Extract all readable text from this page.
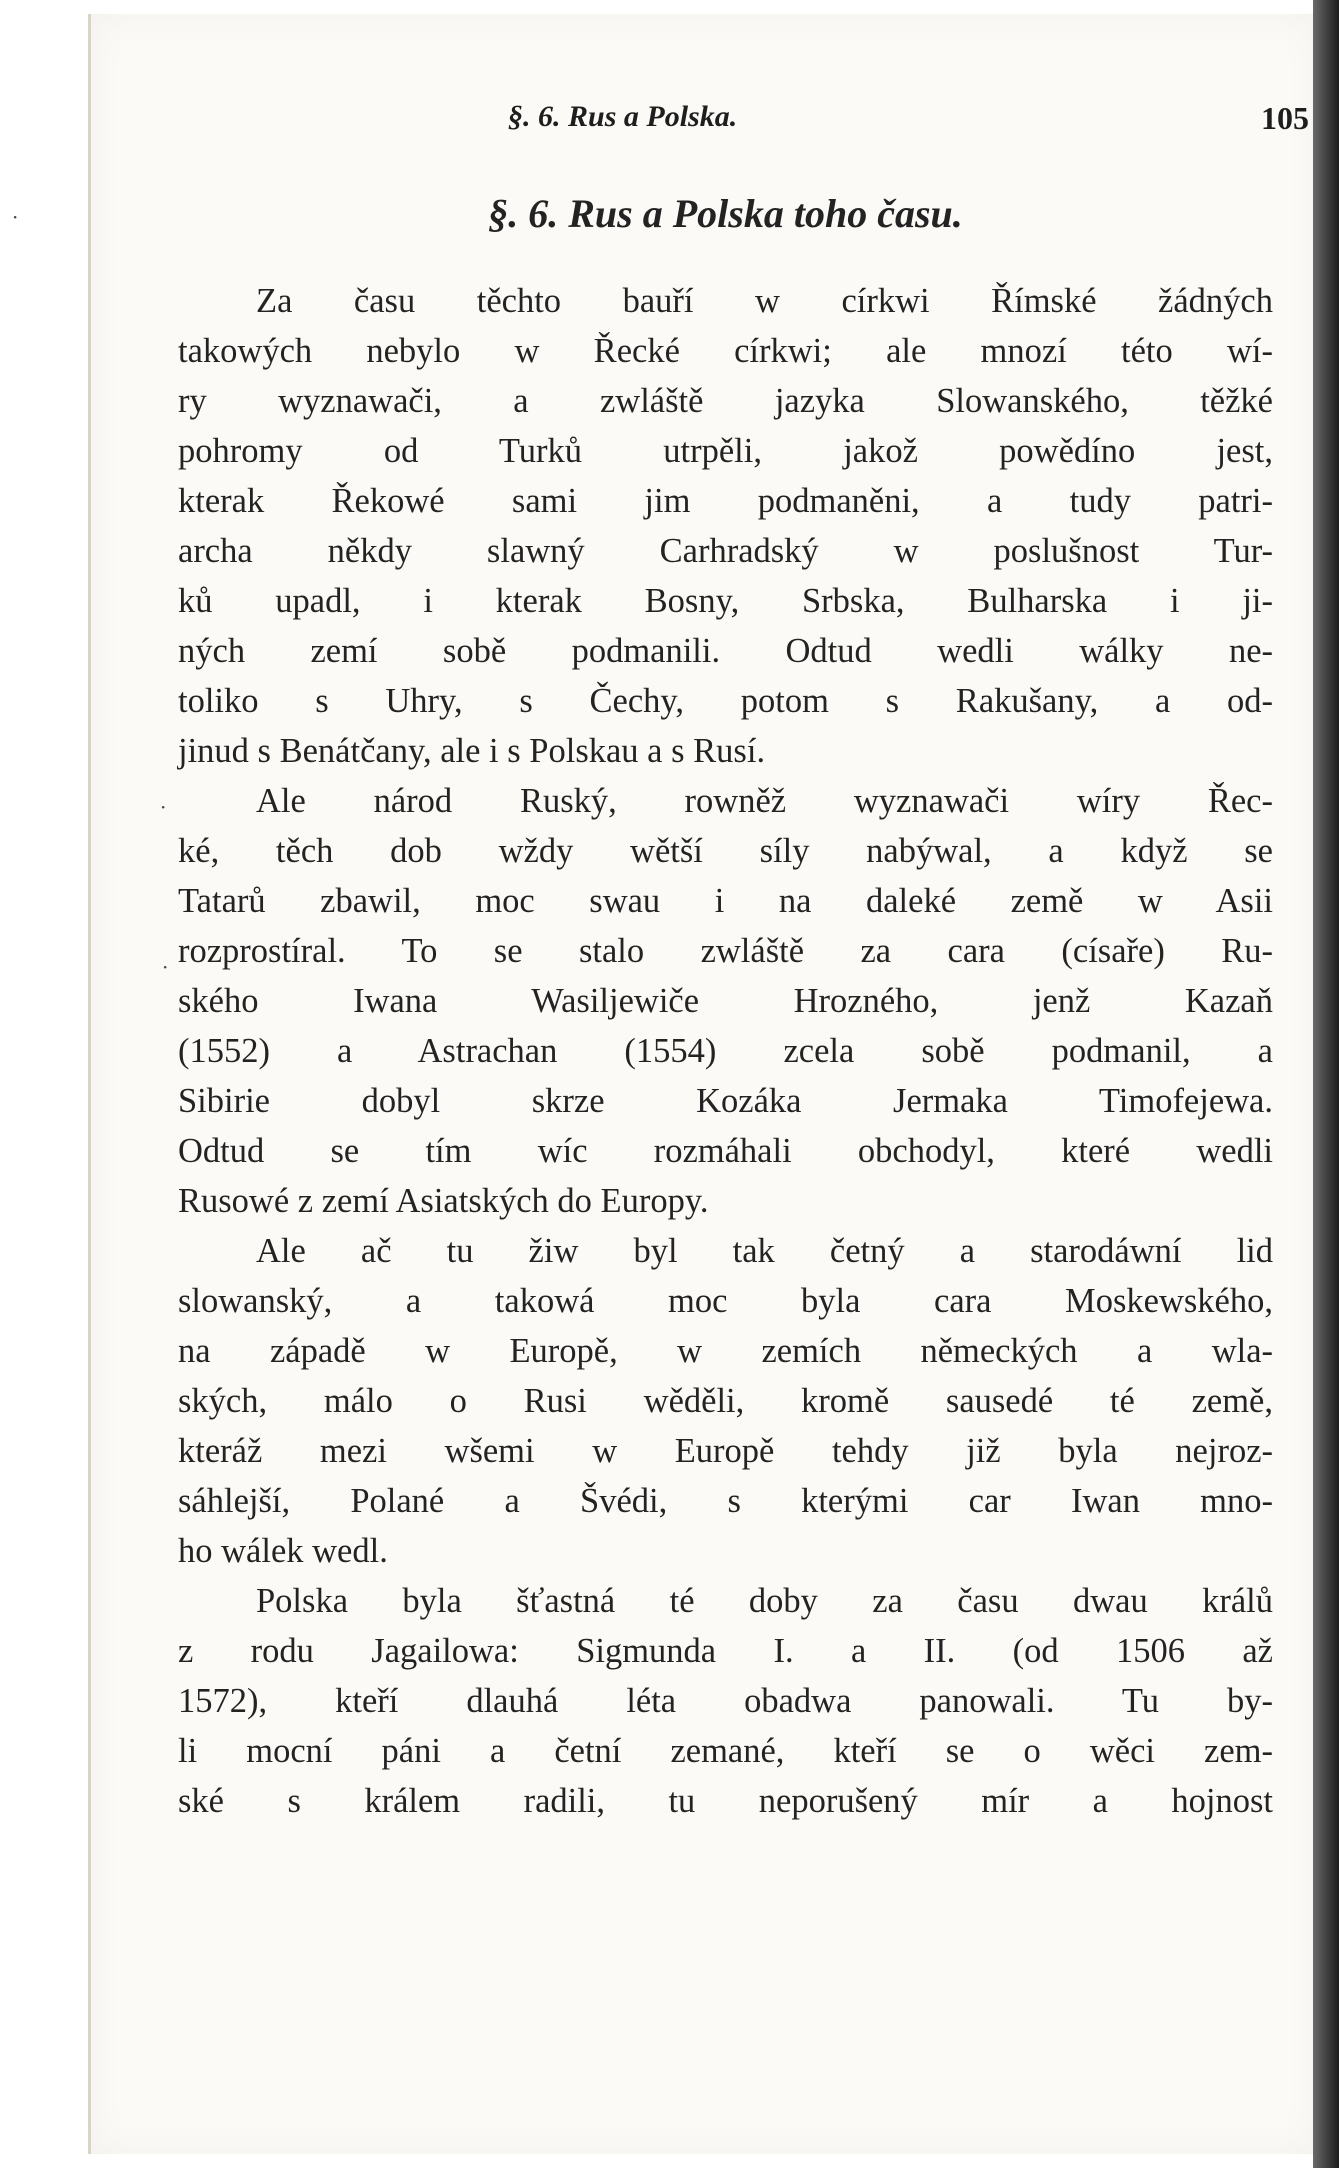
·
·
·
§. 6. Rus a Polska.	105
§. 6. Rus a Polska toho času.
Za času těchto bauří w církwi Římské žádných
takowých nebylo w Řecké církwi; ale mnozí této wí-
ry wyznawači, a zwláště jazyka Slowanského, těžké
pohromy od Turků utrpěli, jakož powědíno jest,
kterak Řekowé sami jim podmaněni, a tudy patri-
archa někdy slawný Carhradský w poslušnost Tur-
ků upadl, i kterak Bosny, Srbska, Bulharska i ji-
ných zemí sobě podmanili. Odtud wedli wálky ne-
toliko s Uhry, s Čechy, potom s Rakušany, a od-
jinud s Benátčany, ale i s Polskau a s Rusí.
Ale národ Ruský, rowněž wyznawači wíry Řec-
ké, těch dob wždy wětší síly nabýwal, a když se
Tatarů zbawil, moc swau i na daleké země w Asii
rozprostíral. To se stalo zwláště za cara (císaře) Ru-
ského Iwana Wasiljewiče Hrozného, jenž Kazaň
(1552) a Astrachan (1554) zcela sobě podmanil, a
Sibirie dobyl skrze Kozáka Jermaka Timofejewa.
Odtud se tím wíc rozmáhali obchodyl, které wedli
Rusowé z zemí Asiatských do Europy.
Ale ač tu žiw byl tak četný a starodáwní lid
slowanský, a takowá moc byla cara Moskewského,
na západě w Europě, w zemích německých a wla-
ských, málo o Rusi wěděli, kromě sausedé té země,
kteráž mezi wšemi w Europě tehdy již byla nejroz-
sáhlejší, Polané a Švédi, s kterými car Iwan mno-
ho wálek wedl.
Polska byla šťastná té doby za času dwau králů
z rodu Jagailowa: Sigmunda I. a II. (od 1506 až
1572), kteří dlauhá léta obadwa panowali. Tu by-
li mocní páni a četní zemané, kteří se o wěci zem-
ské s králem radili, tu neporušený mír a hojnost
